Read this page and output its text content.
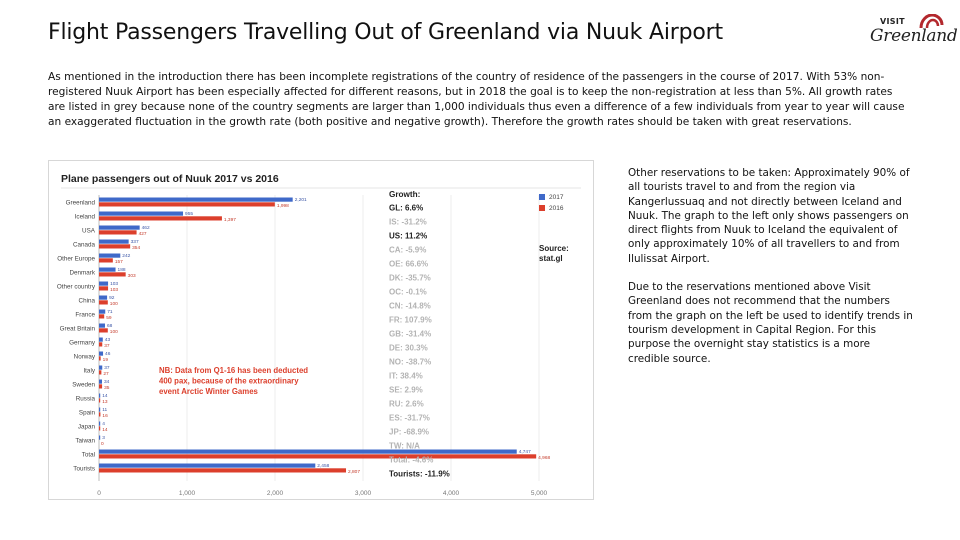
Flight Passengers Travelling Out of Greenland via Nuuk Airport	VISIT
Greenland
As mentioned in the introduction there has been incomplete registrations of the country of residence of the passengers in the course of 2017. With 53% non-registered Nuuk Airport has been especially affected for different reasons, but in 2018 the goal is to keep the non-registration at less than 5%. All growth rates are listed in grey because none of the country segments are larger than 1,000 individuals thus even a difference of a few individuals from year to year will cause an exaggerated fluctuation in the growth rate (both positive and negative growth). Therefore the growth rates should be taken with great reservations.
Plane passengers out of Nuuk 2017 vs 2016
0	1,000	2,000	3,000	4,000	5,000
Greenland	2,201
1,998
Iceland	955
1,397
USA	462
427
Canada	337
354
Other Europe	242
157
Denmark	188
303
Other country	103
103
China	92
100
France	71
59
Great Britain 68
100
Germany 43
37
Norway 46
19
Italy 37
27
Sweden 34
35
Russia 14
13
Spain 11
16
Japan 4
14
Taiwan 3
0
Total	4,747
4,968
Tourists	2,458
2,807
Growth:
GL: 6.6%
IS: -31.2%
US: 11.2%
CA: -5.9%
OE: 66.6%
DK: -35.7%
OC: -0.1%
CN: -14.8%
FR: 107.9%
GB: -31.4%
DE: 30.3%
NO: -38.7%
IT: 38.4%
SE: 2.9%
RU: 2.6%
ES: -31.7%
JP: -68.9%
TW: N/A
Total: -4.6%
Tourists: -11.9%
2017
2016
Source:
stat.gl
NB: Data from Q1-16 has been deducted
400 pax, because of the extraordinary
event Arctic Winter Games

Other reservations to be taken: Approximately 90% of all tourists travel to and from the region via Kangerlussuaq and not directly between Iceland and Nuuk. The graph to the left only shows passengers on direct flights from Nuuk to Iceland the equivalent of only approximately 10% of all travellers to and from Ilulissat Airport.

Due to the reservations mentioned above Visit Greenland does not recommend that the numbers from the graph on the left be used to identify trends in tourism development in Capital Region. For this purpose the overnight stay statistics is a more credible source.
